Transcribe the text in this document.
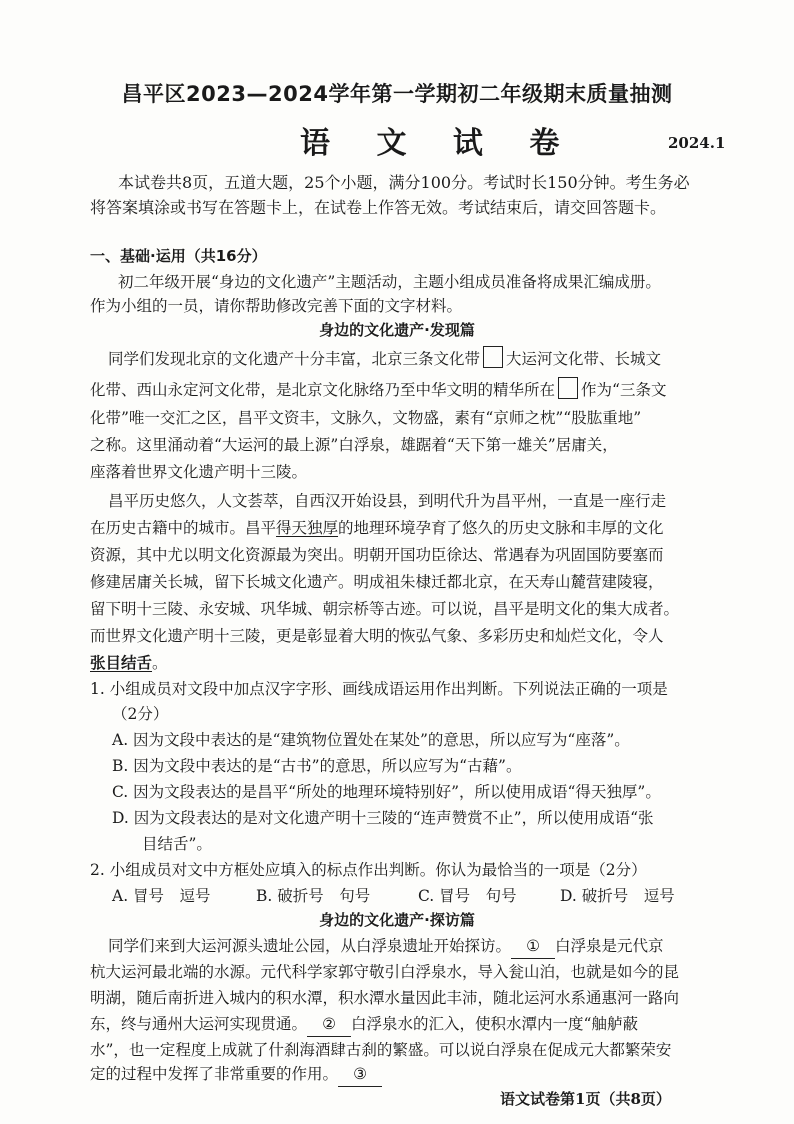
昌平区2023—2024学年第一学期初二年级期末质量抽测
语 文 试 卷	2024.1
本试卷共8页，五道大题，25个小题，满分100分。考试时长150分钟。考生务必
将答案填涂或书写在答题卡上，在试卷上作答无效。考试结束后，请交回答题卡。
一、基础·运用（共16分）
初二年级开展“身边的文化遗产”主题活动，主题小组成员准备将成果汇编成册。
作为小组的一员，请你帮助修改完善下面的文字材料。
身边的文化遗产·发现篇
同学们发现北京的文化遗产十分丰富，北京三条文化带 大运河文化带、长城文
化带、西山永定河文化带，是北京文化脉络乃至中华文明的精华所在 作为“三条文
化带”唯一交汇之区，昌平文资丰，文脉久，文物盛，素有“京师之枕”“股肱重地”
之称。这里涌动着“大运河的最上源”白浮泉，雄踞着“天下第一雄关”居庸关，
座落着世界文化遗产明十三陵。
昌平历史悠久，人文荟萃，自西汉开始设县，到明代升为昌平州，一直是一座行走
在历史古籍中的城市。昌平得天独厚的地理环境孕育了悠久的历史文脉和丰厚的文化
资源，其中尤以明文化资源最为突出。明朝开国功臣徐达、常遇春为巩固国防要塞而
修建居庸关长城，留下长城文化遗产。明成祖朱棣迁都北京，在天寿山麓营建陵寝，
留下明十三陵、永安城、巩华城、朝宗桥等古迹。可以说，昌平是明文化的集大成者。
而世界文化遗产明十三陵，更是彰显着大明的恢弘气象、多彩历史和灿烂文化，令人
张目结舌。
1. 小组成员对文段中加点汉字字形、画线成语运用作出判断。下列说法正确的一项是
（2分）
A. 因为文段中表达的是“建筑物位置处在某处”的意思，所以应写为“座落”。
B. 因为文段中表达的是“古书”的意思，所以应写为“古藉”。
C. 因为文段表达的是昌平“所处的地理环境特别好”，所以使用成语“得天独厚”。
D. 因为文段表达的是对文化遗产明十三陵的“连声赞赏不止”，所以使用成语“张
目结舌”。
2. 小组成员对文中方框处应填入的标点作出判断。你认为最恰当的一项是（2分）
A. 冒号　逗号	B. 破折号　句号	C. 冒号　句号	D. 破折号　逗号
身边的文化遗产·探访篇
同学们来到大运河源头遗址公园，从白浮泉遗址开始探访。 ① 白浮泉是元代京
杭大运河最北端的水源。元代科学家郭守敬引白浮泉水，导入瓮山泊，也就是如今的昆
明湖，随后南折进入城内的积水潭，积水潭水量因此丰沛，随北运河水系通惠河一路向
东，终与通州大运河实现贯通。 ② 白浮泉水的汇入，使积水潭内一度“舳舻蔽
水”，也一定程度上成就了什刹海酒肆古刹的繁盛。可以说白浮泉在促成元大都繁荣安
定的过程中发挥了非常重要的作用。 ③
语文试卷第1页（共8页）
